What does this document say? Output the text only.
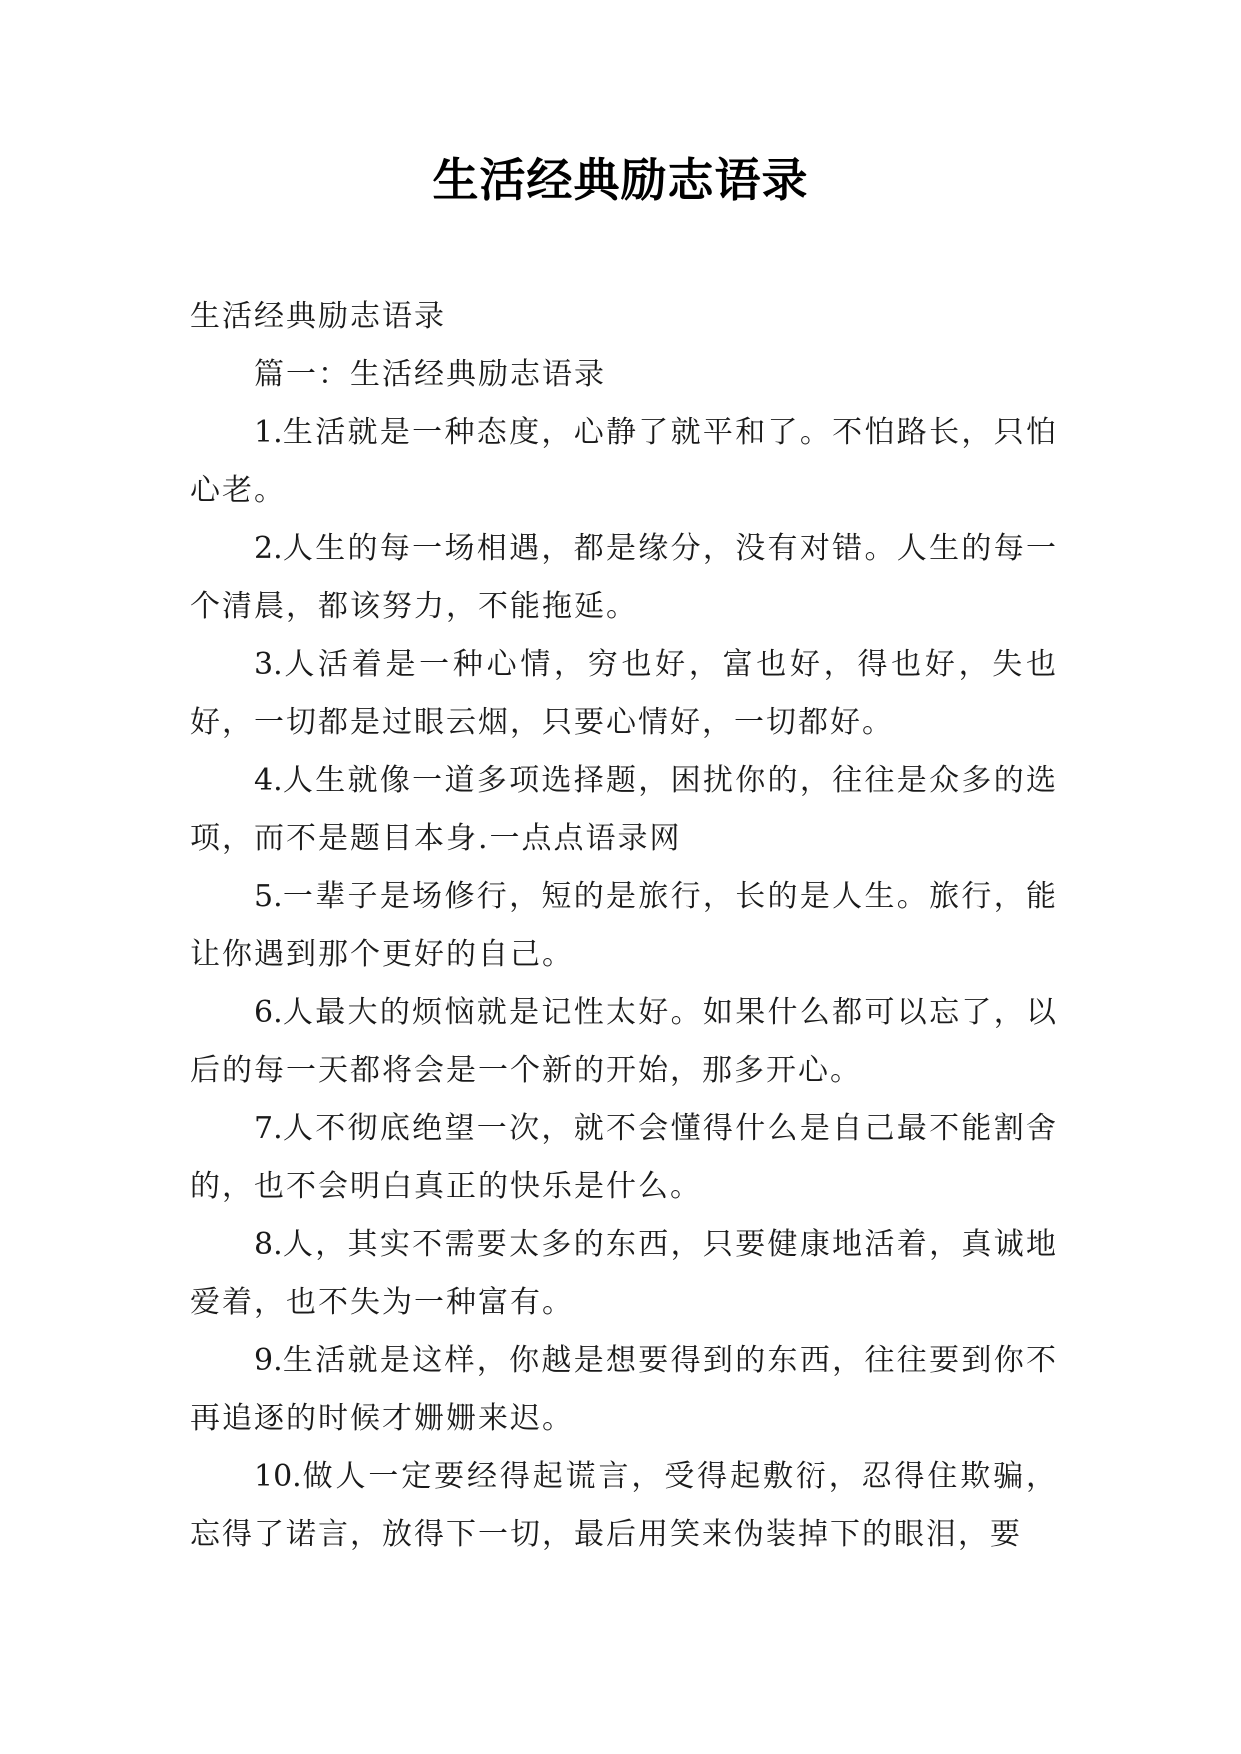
生活经典励志语录

生活经典励志语录

篇一：生活经典励志语录

1.生活就是一种态度，心静了就平和了。不怕路长，只怕心老。

2.人生的每一场相遇，都是缘分，没有对错。人生的每一个清晨，都该努力，不能拖延。

3.人活着是一种心情，穷也好，富也好，得也好，失也好，一切都是过眼云烟，只要心情好，一切都好。

4.人生就像一道多项选择题，困扰你的，往往是众多的选项，而不是题目本身.一点点语录网

5.一辈子是场修行，短的是旅行，长的是人生。旅行，能让你遇到那个更好的自己。

6.人最大的烦恼就是记性太好。如果什么都可以忘了，以后的每一天都将会是一个新的开始，那多开心。

7.人不彻底绝望一次，就不会懂得什么是自己最不能割舍的，也不会明白真正的快乐是什么。

8.人，其实不需要太多的东西，只要健康地活着，真诚地爱着，也不失为一种富有。

9.生活就是这样，你越是想要得到的东西，往往要到你不再追逐的时候才姗姗来迟。

10.做人一定要经得起谎言，受得起敷衍，忍得住欺骗，忘得了诺言，放得下一切，最后用笑来伪装掉下的眼泪，要
